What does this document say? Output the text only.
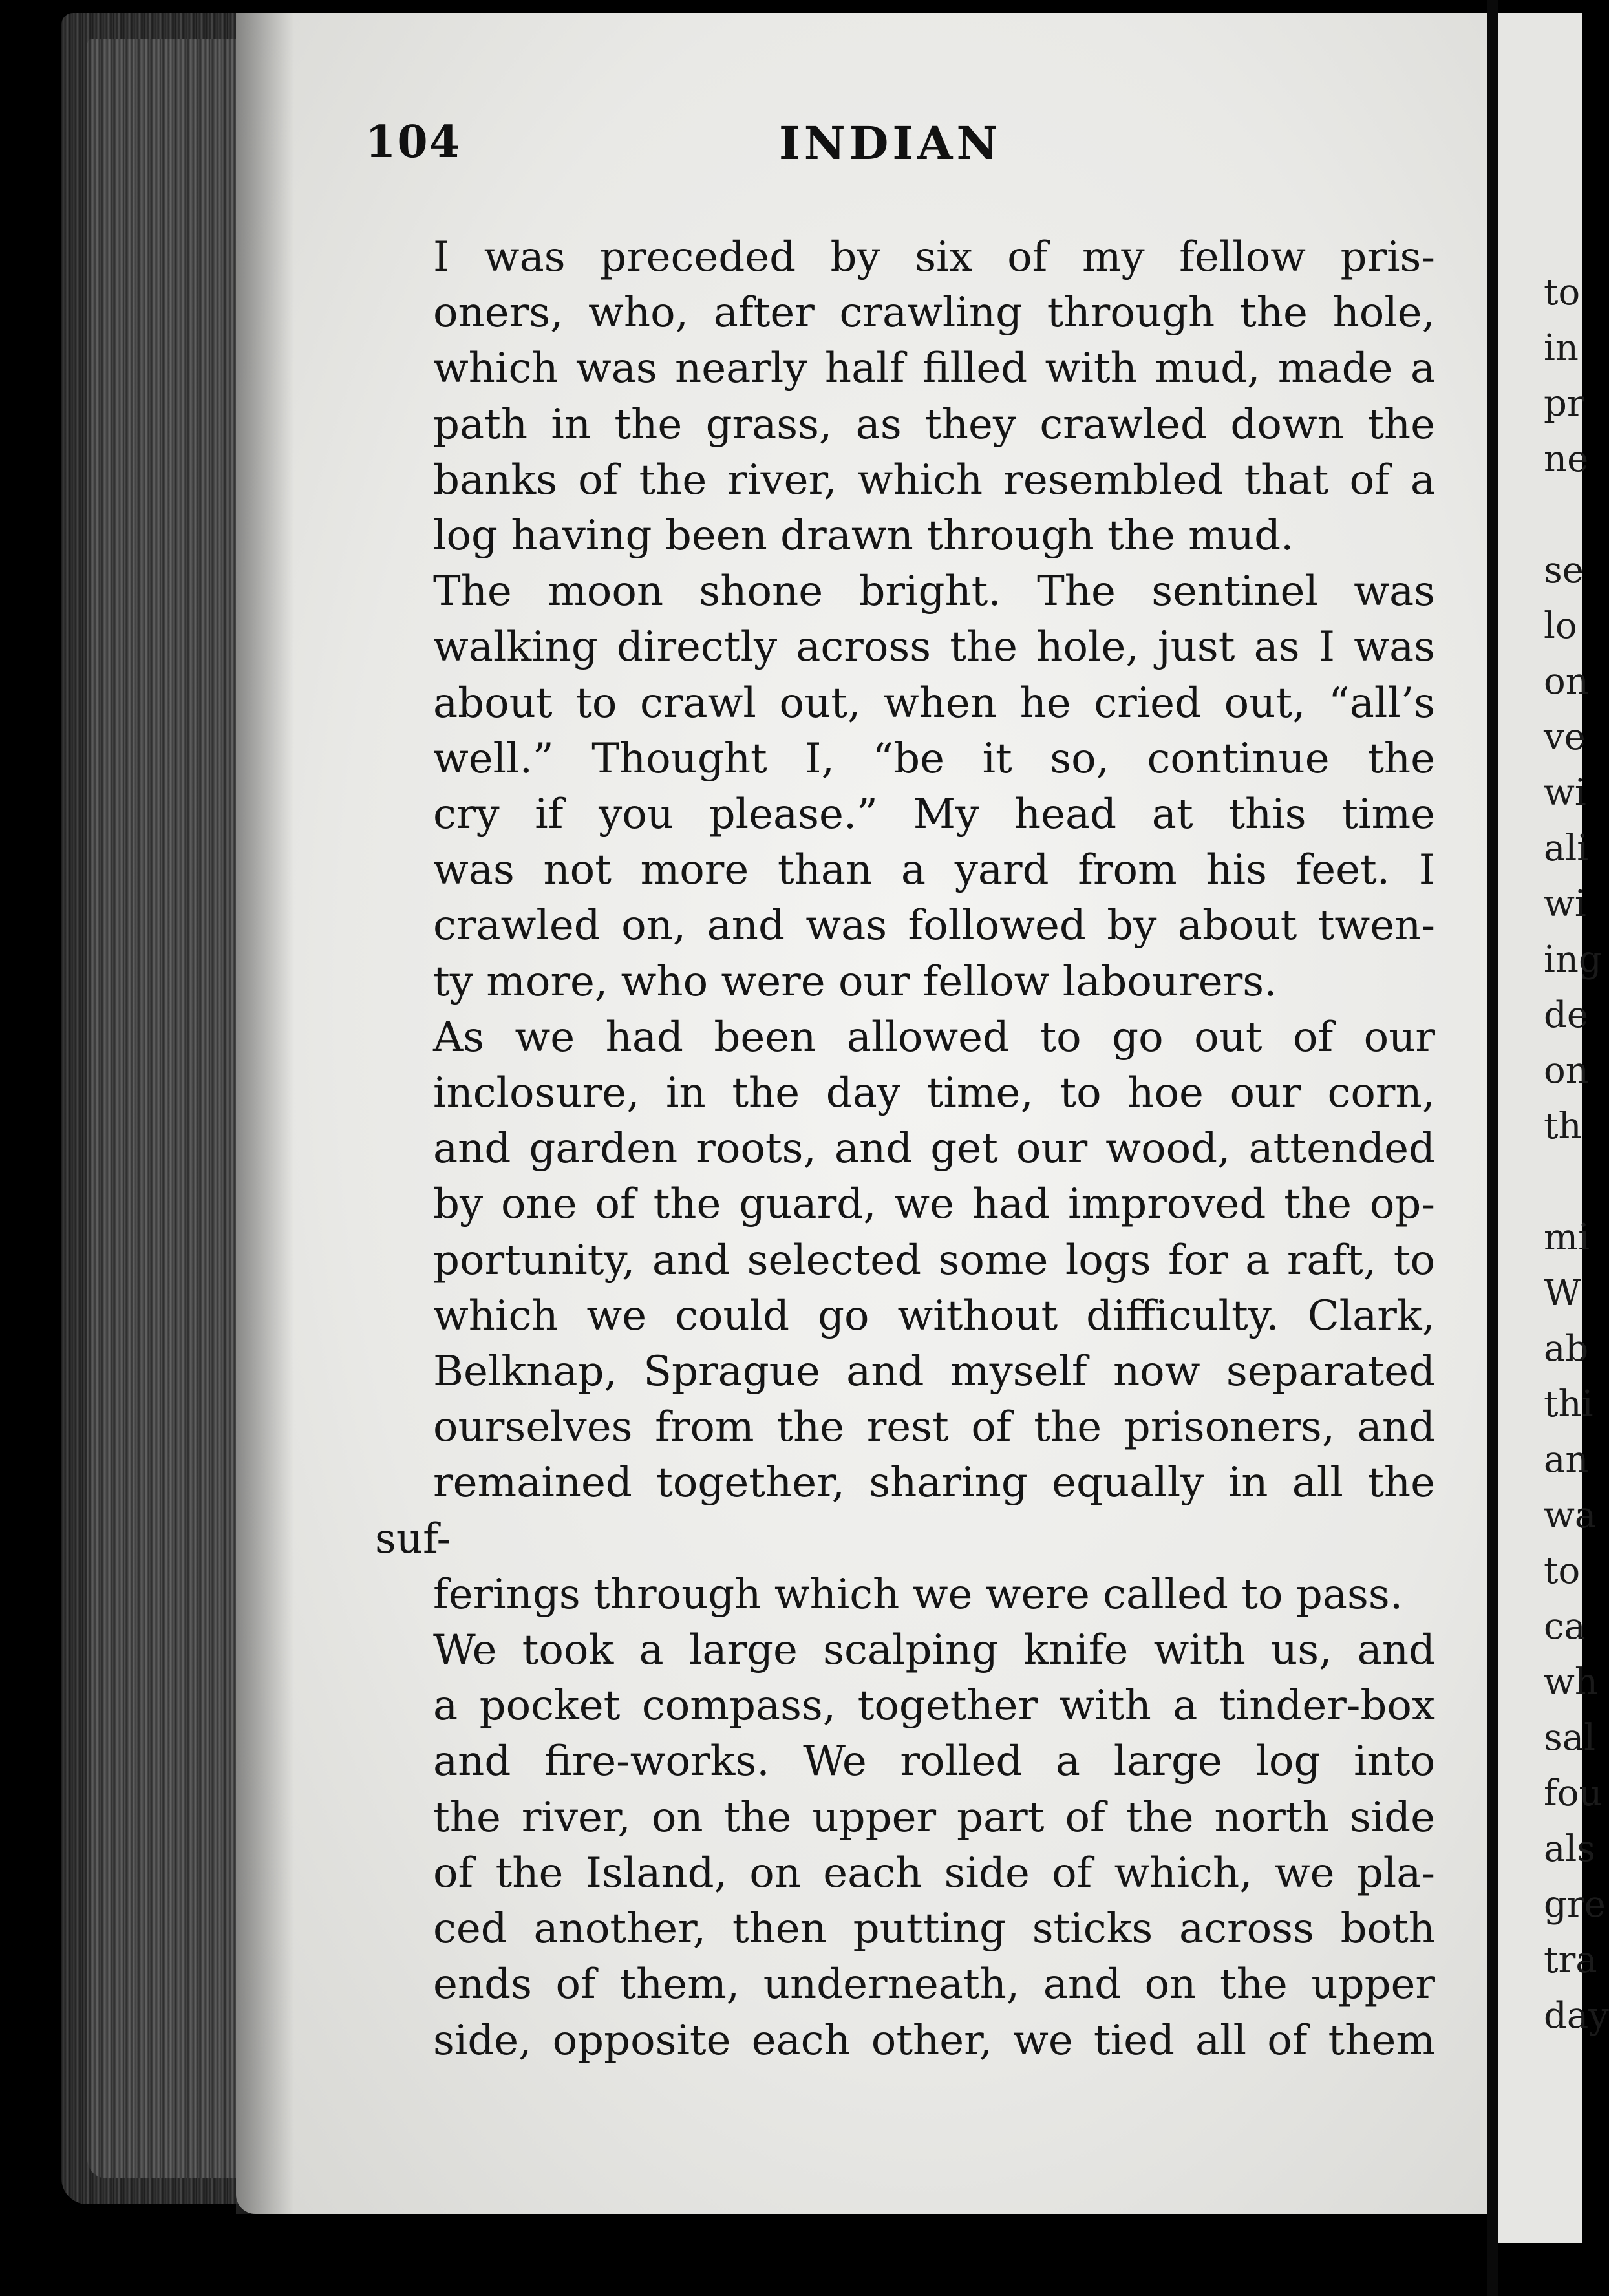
104	INDIAN

I was preceded by six of my fellow pris-
oners, who, after crawling through the hole,
which was nearly half filled with mud, made a
path in the grass, as they crawled down the
banks of the river, which resembled that of a
log having been drawn through the mud.

The moon shone bright. The sentinel was
walking directly across the hole, just as I was
about to crawl out, when he cried out, “all’s
well.” Thought I, “be it so, continue the
cry if you please.” My head at this time
was not more than a yard from his feet. I
crawled on, and was followed by about twen-
ty more, who were our fellow labourers.

As we had been allowed to go out of our
inclosure, in the day time, to hoe our corn,
and garden roots, and get our wood, attended
by one of the guard, we had improved the op-
portunity, and selected some logs for a raft, to
which we could go without difficulty. Clark,
Belknap, Sprague and myself now separated
ourselves from the rest of the prisoners, and
remained together, sharing equally in all the suf-
ferings through which we were called to pass.

We took a large scalping knife with us, and
a pocket compass, together with a tinder-box
and fire-works. We rolled a large log into
the river, on the upper part of the north side
of the Island, on each side of which, we pla-
ced another, then putting sticks across both
ends of them, underneath, and on the upper
side, opposite each other, we tied all of them

to
in
pr
ne

se
lo
on
ve
wi
ali
wi
ing
de
on
th

mi
W
ab
thi
an
wa
to
ca
wh
sal
fou
als
gre
tra
day
